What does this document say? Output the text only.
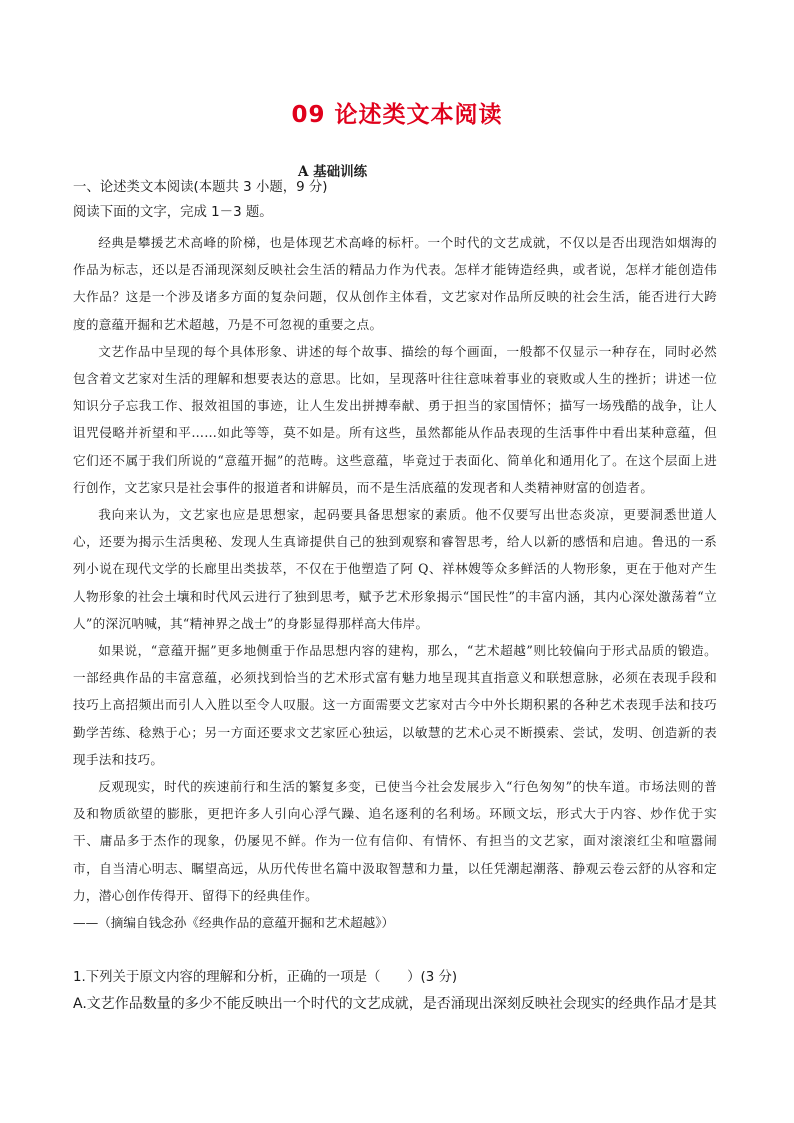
09 论述类文本阅读
A 基础训练
一、论述类文本阅读(本题共 3 小题，9 分)
阅读下面的文字，完成 1－3 题。

经典是攀援艺术高峰的阶梯，也是体现艺术高峰的标杆。一个时代的文艺成就，不仅以是否出现浩如烟海的作品为标志，还以是否涌现深刻反映社会生活的精品力作为代表。怎样才能铸造经典，或者说，怎样才能创造伟大作品？这是一个涉及诸多方面的复杂问题，仅从创作主体看，文艺家对作品所反映的社会生活，能否进行大跨度的意蕴开掘和艺术超越，乃是不可忽视的重要之点。

文艺作品中呈现的每个具体形象、讲述的每个故事、描绘的每个画面，一般都不仅显示一种存在，同时必然包含着文艺家对生活的理解和想要表达的意思。比如，呈现落叶往往意味着事业的衰败或人生的挫折；讲述一位知识分子忘我工作、报效祖国的事迹，让人生发出拼搏奉献、勇于担当的家国情怀；描写一场残酷的战争，让人诅咒侵略并祈望和平……如此等等，莫不如是。所有这些，虽然都能从作品表现的生活事件中看出某种意蕴，但它们还不属于我们所说的“意蕴开掘”的范畴。这些意蕴，毕竟过于表面化、简单化和通用化了。在这个层面上进行创作，文艺家只是社会事件的报道者和讲解员，而不是生活底蕴的发现者和人类精神财富的创造者。

我向来认为，文艺家也应是思想家，起码要具备思想家的素质。他不仅要写出世态炎凉，更要洞悉世道人心，还要为揭示生活奥秘、发现人生真谛提供自己的独到观察和睿智思考，给人以新的感悟和启迪。鲁迅的一系列小说在现代文学的长廊里出类拔萃，不仅在于他塑造了阿 Q、祥林嫂等众多鲜活的人物形象，更在于他对产生人物形象的社会土壤和时代风云进行了独到思考，赋予艺术形象揭示“国民性”的丰富内涵，其内心深处激荡着“立人”的深沉呐喊，其“精神界之战士”的身影显得那样高大伟岸。

如果说，“意蕴开掘”更多地侧重于作品思想内容的建构，那么，“艺术超越”则比较偏向于形式品质的锻造。一部经典作品的丰富意蕴，必须找到恰当的艺术形式富有魅力地呈现其直指意义和联想意脉，必须在表现手段和技巧上高招频出而引人入胜以至令人叹服。这一方面需要文艺家对古今中外长期积累的各种艺术表现手法和技巧勤学苦练、稔熟于心；另一方面还要求文艺家匠心独运，以敏慧的艺术心灵不断摸索、尝试，发明、创造新的表现手法和技巧。

反观现实，时代的疾速前行和生活的繁复多变，已使当今社会发展步入“行色匆匆”的快车道。市场法则的普及和物质欲望的膨胀，更把许多人引向心浮气躁、追名逐利的名利场。环顾文坛，形式大于内容、炒作优于实干、庸品多于杰作的现象，仍屡见不鲜。作为一位有信仰、有情怀、有担当的文艺家，面对滚滚红尘和喧嚣闹市，自当清心明志、瞩望高远，从历代传世名篇中汲取智慧和力量，以任凭潮起潮落、静观云卷云舒的从容和定力，潜心创作传得开、留得下的经典佳作。

——（摘编自钱念孙《经典作品的意蕴开掘和艺术超越》）

1.下列关于原文内容的理解和分析，正确的一项是（　　）(3 分)
A.文艺作品数量的多少不能反映出一个时代的文艺成就，是否涌现出深刻反映社会现实的经典作品才是其
